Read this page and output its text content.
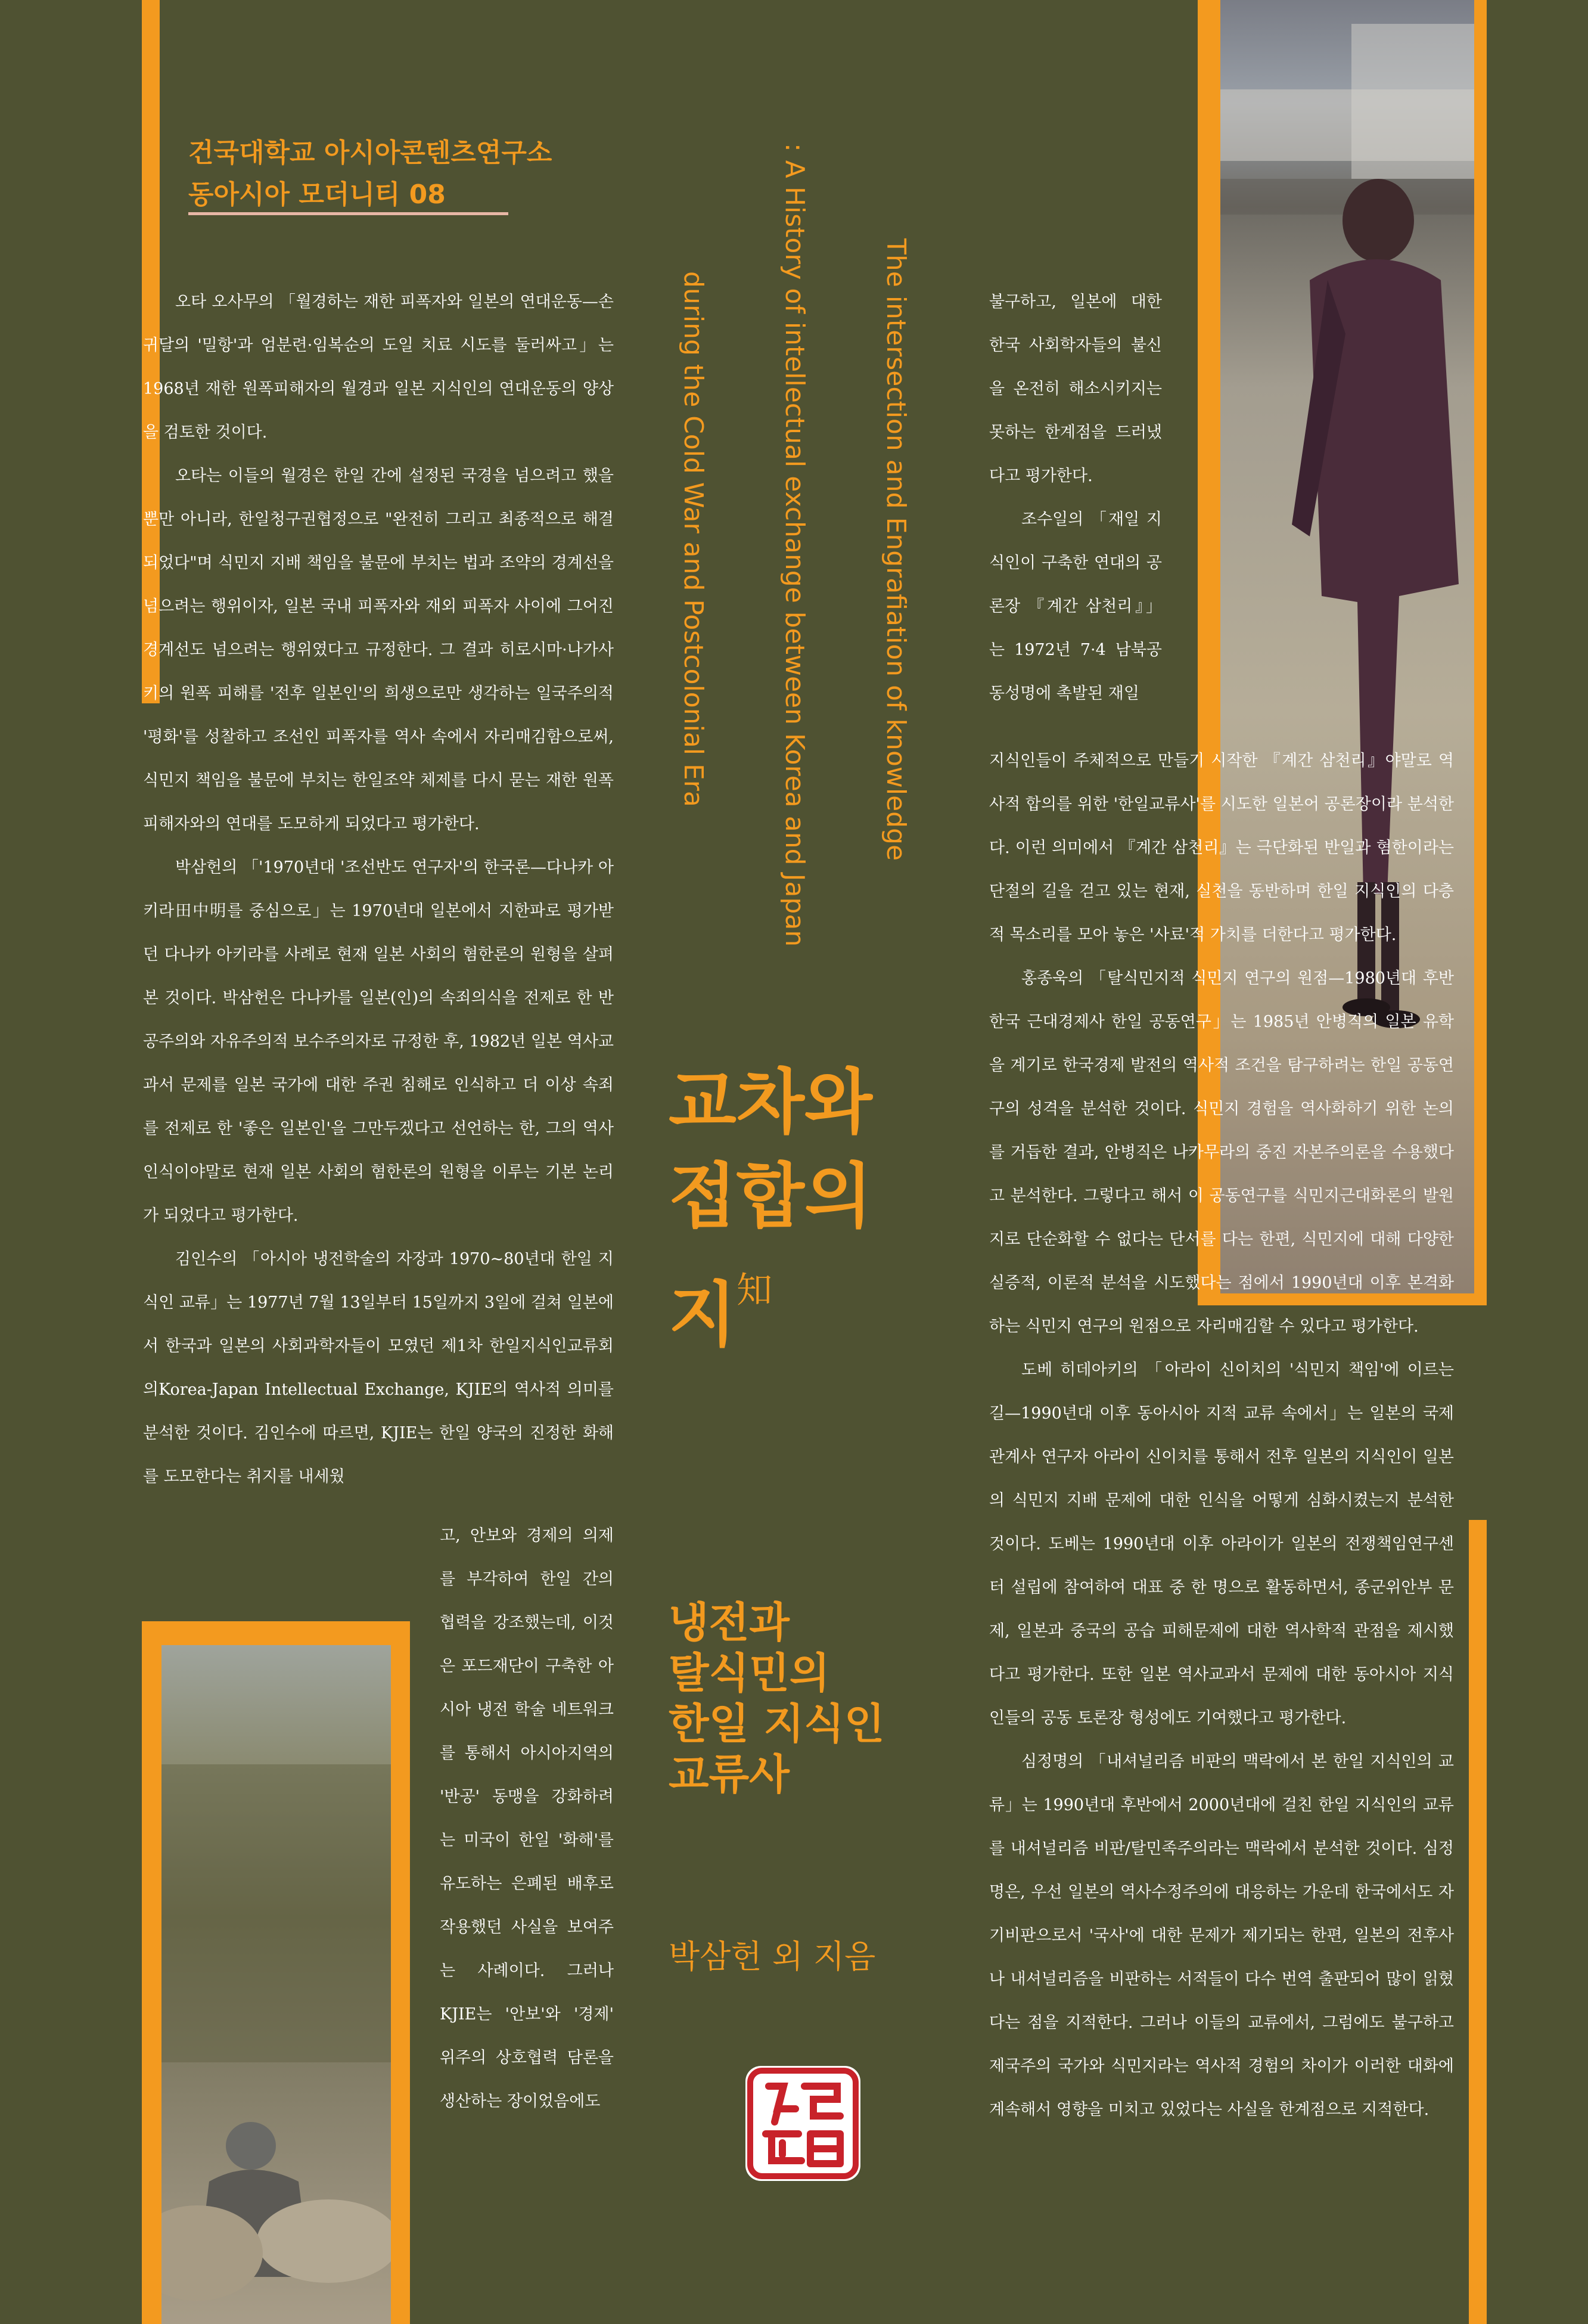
건국대학교 아시아콘텐츠연구소
동아시아 모더니티 08
The intersection and Engrafiation of knowledge
: A History of intellectual exchange between Korea and Japan
during the Cold War and Postcolonial Era

오타 오사무의 「월경하는 재한 피폭자와 일본의 연대운동—손귀달의 '밀항'과 엄분련·임복순의 도일 치료 시도를 둘러싸고」는 1968년 재한 원폭피해자의 월경과 일본 지식인의 연대운동의 양상을 검토한 것이다.

오타는 이들의 월경은 한일 간에 설정된 국경을 넘으려고 했을 뿐만 아니라, 한일청구권협정으로 "완전히 그리고 최종적으로 해결되었다"며 식민지 지배 책임을 불문에 부치는 법과 조약의 경계선을 넘으려는 행위이자, 일본 국내 피폭자와 재외 피폭자 사이에 그어진 경계선도 넘으려는 행위였다고 규정한다. 그 결과 히로시마·나가사키의 원폭 피해를 '전후 일본인'의 희생으로만 생각하는 일국주의적 '평화'를 성찰하고 조선인 피폭자를 역사 속에서 자리매김함으로써, 식민지 책임을 불문에 부치는 한일조약 체제를 다시 묻는 재한 원폭 피해자와의 연대를 도모하게 되었다고 평가한다.

박삼헌의 「'1970년대 '조선반도 연구자'의 한국론—다나카 아키라田中明를 중심으로」는 1970년대 일본에서 지한파로 평가받던 다나카 아키라를 사례로 현재 일본 사회의 혐한론의 원형을 살펴본 것이다. 박삼헌은 다나카를 일본(인)의 속죄의식을 전제로 한 반공주의와 자유주의적 보수주의자로 규정한 후, 1982년 일본 역사교과서 문제를 일본 국가에 대한 주권 침해로 인식하고 더 이상 속죄를 전제로 한 '좋은 일본인'을 그만두겠다고 선언하는 한, 그의 역사인식이야말로 현재 일본 사회의 혐한론의 원형을 이루는 기본 논리가 되었다고 평가한다.

김인수의 「아시아 냉전학술의 자장과 1970~80년대 한일 지식인 교류」는 1977년 7월 13일부터 15일까지 3일에 걸쳐 일본에서 한국과 일본의 사회과학자들이 모였던 제1차 한일지식인교류회의Korea-Japan Intellectual Exchange, KJIE의 역사적 의미를 분석한 것이다. 김인수에 따르면, KJIE는 한일 양국의 진정한 화해를 도모한다는 취지를 내세웠

고, 안보와 경제의 의제를 부각하여 한일 간의 협력을 강조했는데, 이것은 포드재단이 구축한 아시아 냉전 학술 네트워크를 통해서 아시아지역의 '반공' 동맹을 강화하려는 미국이 한일 '화해'를 유도하는 은폐된 배후로 작용했던 사실을 보여주는 사례이다. 그러나 KJIE는 '안보'와 '경제' 위주의 상호협력 담론을 생산하는 장이었음에도

불구하고, 일본에 대한 한국 사회학자들의 불신을 온전히 해소시키지는 못하는 한계점을 드러냈다고 평가한다.

조수일의 「재일 지식인이 구축한 연대의 공론장 『계간 삼천리』」는 1972년 7·4 남북공동성명에 촉발된 재일

지식인들이 주체적으로 만들기 시작한 『계간 삼천리』야말로 역사적 합의를 위한 '한일교류사'를 시도한 일본어 공론장이라 분석한다. 이런 의미에서 『계간 삼천리』는 극단화된 반일과 혐한이라는 단절의 길을 걷고 있는 현재, 실천을 동반하며 한일 지식인의 다층적 목소리를 모아 놓은 '사료'적 가치를 더한다고 평가한다.

홍종욱의 「탈식민지적 식민지 연구의 원점—1980년대 후반 한국 근대경제사 한일 공동연구」는 1985년 안병직의 일본 유학을 계기로 한국경제 발전의 역사적 조건을 탐구하려는 한일 공동연구의 성격을 분석한 것이다. 식민지 경험을 역사화하기 위한 논의를 거듭한 결과, 안병직은 나카무라의 중진 자본주의론을 수용했다고 분석한다. 그렇다고 해서 이 공동연구를 식민지근대화론의 발원지로 단순화할 수 없다는 단서를 다는 한편, 식민지에 대해 다양한 실증적, 이론적 분석을 시도했다는 점에서 1990년대 이후 본격화하는 식민지 연구의 원점으로 자리매김할 수 있다고 평가한다.

도베 히데아키의 「아라이 신이치의 '식민지 책임'에 이르는 길—1990년대 이후 동아시아 지적 교류 속에서」는 일본의 국제관계사 연구자 아라이 신이치를 통해서 전후 일본의 지식인이 일본의 식민지 지배 문제에 대한 인식을 어떻게 심화시켰는지 분석한 것이다. 도베는 1990년대 이후 아라이가 일본의 전쟁책임연구센터 설립에 참여하여 대표 중 한 명으로 활동하면서, 종군위안부 문제, 일본과 중국의 공습 피해문제에 대한 역사학적 관점을 제시했다고 평가한다. 또한 일본 역사교과서 문제에 대한 동아시아 지식인들의 공동 토론장 형성에도 기여했다고 평가한다.

심정명의 「내셔널리즘 비판의 맥락에서 본 한일 지식인의 교류」는 1990년대 후반에서 2000년대에 걸친 한일 지식인의 교류를 내셔널리즘 비판/탈민족주의라는 맥락에서 분석한 것이다. 심정명은, 우선 일본의 역사수정주의에 대응하는 가운데 한국에서도 자기비판으로서 '국사'에 대한 문제가 제기되는 한편, 일본의 전후사나 내셔널리즘을 비판하는 서적들이 다수 번역 출판되어 많이 읽혔다는 점을 지적한다. 그러나 이들의 교류에서, 그럼에도 불구하고 제국주의 국가와 식민지라는 역사적 경험의 차이가 이러한 대화에 계속해서 영향을 미치고 있었다는 사실을 한계점으로 지적한다.

교차와
접합의
지$^知$
냉전과
탈식민의
한일 지식인
교류사
박삼헌 외 지음
